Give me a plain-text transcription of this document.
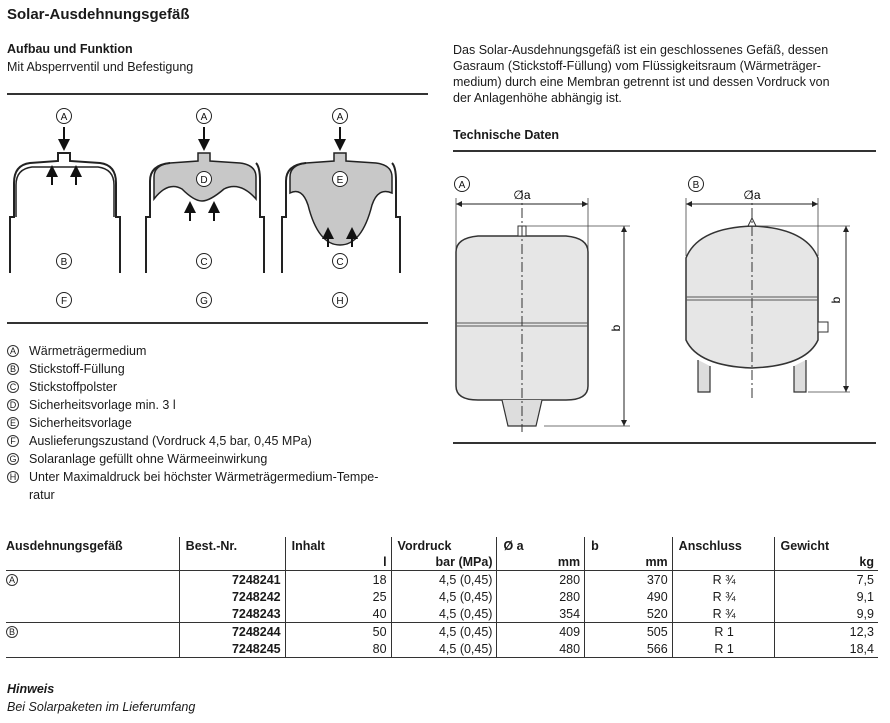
Solar-Ausdehnungsgefäß
Aufbau und Funktion
Mit Absperrventil und Befestigung
Das Solar-Ausdehnungsgefäß ist ein geschlossenes Gefäß, dessen
Gasraum (Stickstoff-Füllung) vom Flüssigkeitsraum (Wärmeträger-
medium) durch eine Membran getrennt ist und dessen Vordruck von
der Anlagenhöhe abhängig ist.
Technische Daten
A	A	A
D	E
B	C	C
F	G	H
A	B
b
∅a
b
∅a
A Wärmeträgermedium
B Stickstoff-Füllung
C Stickstoffpolster
D Sicherheitsvorlage min. 3 l
E Sicherheitsvorlage
F Auslieferungszustand (Vordruck 4,5 bar, 0,45 MPa)
G Solaranlage gefüllt ohne Wärmeeinwirkung
H Unter Maximaldruck bei höchster Wärmeträgermedium-Tempe-
ratur
Ausdehnungsgefäß	Best.-Nr.	Inhalt	Vordruck	Ø a	b	Anschluss	Gewicht
		l	bar (MPa)	mm	mm		kg
A	7248241	18	4,5 (0,45)	280	370	R ¾	7,5
	7248242	25	4,5 (0,45)	280	490	R ¾	9,1
	7248243	40	4,5 (0,45)	354	520	R ¾	9,9
B	7248244	50	4,5 (0,45)	409	505	R 1	12,3
	7248245	80	4,5 (0,45)	480	566	R 1	18,4
Hinweis
Bei Solarpaketen im Lieferumfang
